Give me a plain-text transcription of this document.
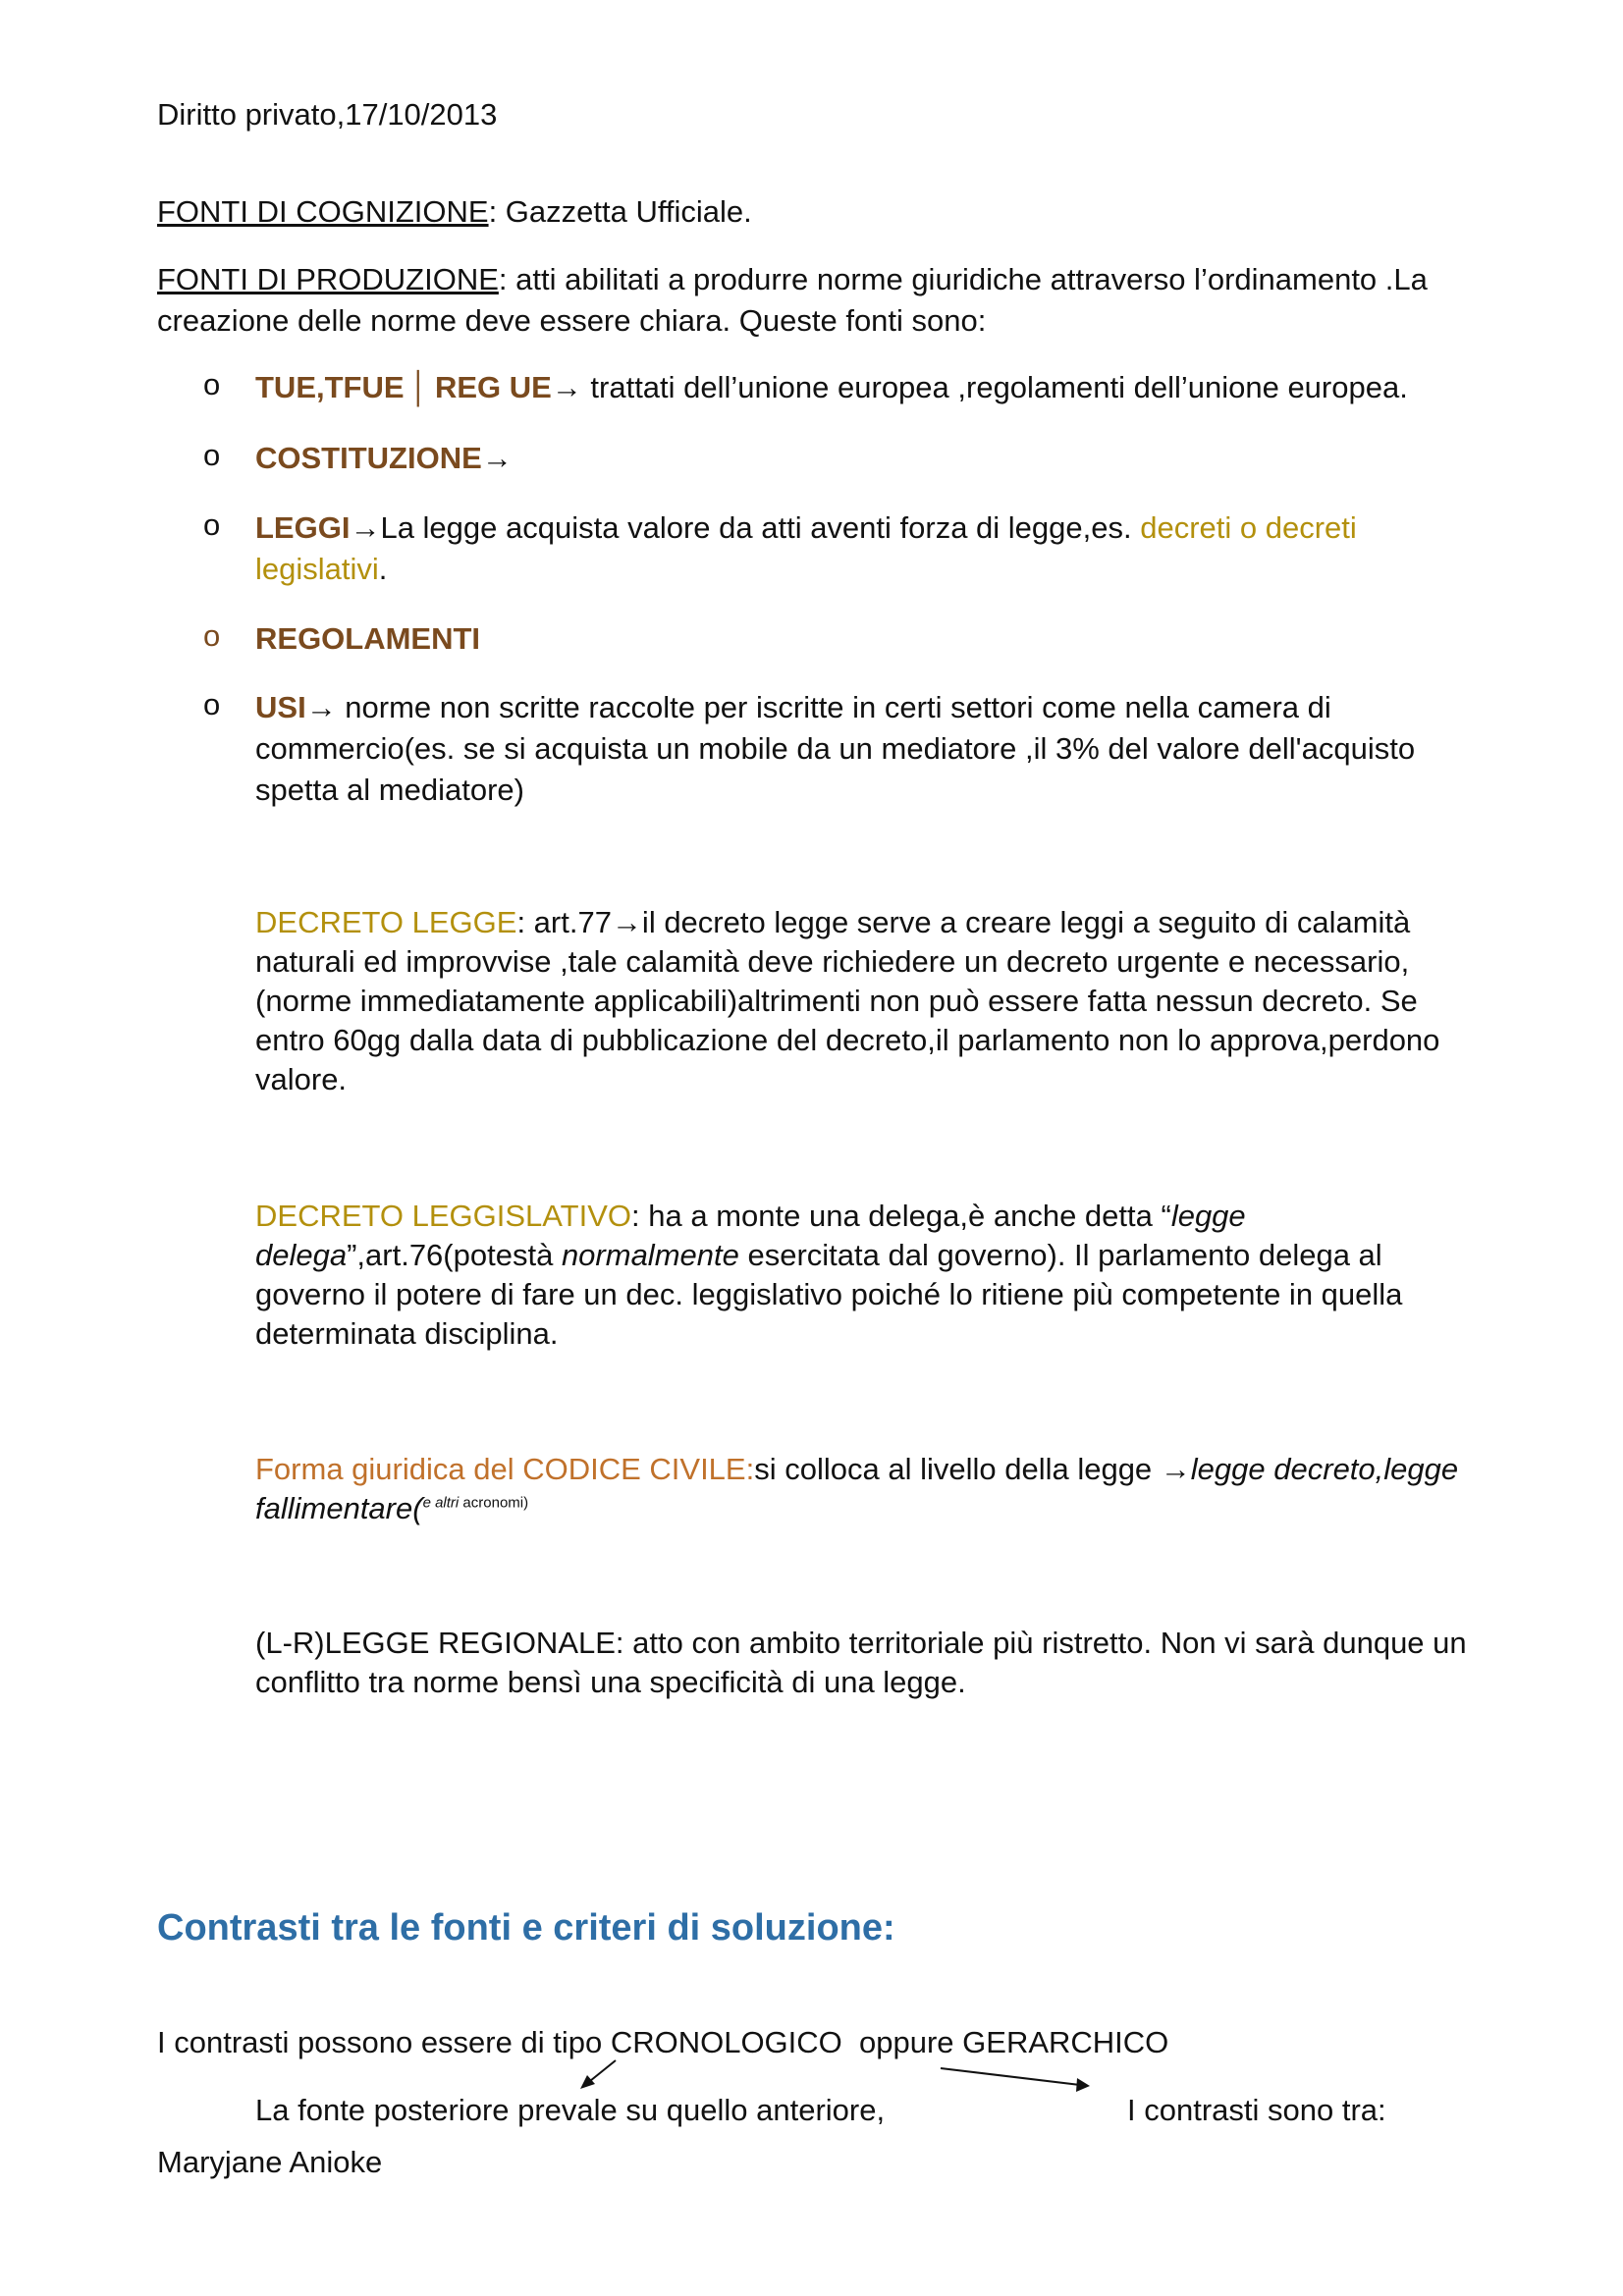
Diritto privato,17/10/2013
FONTI DI COGNIZIONE: Gazzetta Ufficiale.
FONTI DI PRODUZIONE: atti abilitati a produrre norme giuridiche attraverso l’ordinamento .La
creazione delle norme deve essere chiara. Queste fonti sono:
o TUE,TFUE │ REG UE→ trattati dell’unione europea ,regolamenti dell’unione europea.
o COSTITUZIONE→
o LEGGI→La legge acquista valore da atti aventi forza di legge,es. decreti o decreti
legislativi.
o REGOLAMENTI
o USI→ norme non scritte raccolte per iscritte in certi settori come nella camera di
commercio(es. se si acquista un mobile da un mediatore ,il 3% del valore dell'acquisto
spetta al mediatore)
DECRETO LEGGE: art.77→il decreto legge serve a creare leggi a seguito di calamità
naturali ed improvvise ,tale calamità deve richiedere un decreto urgente e necessario,
(norme immediatamente applicabili)altrimenti non può essere fatta nessun decreto. Se
entro 60gg dalla data di pubblicazione del decreto,il parlamento non lo approva,perdono
valore.
DECRETO LEGGISLATIVO: ha a monte una delega,è anche detta “legge
delega”,art.76(potestà normalmente esercitata dal governo). Il parlamento delega al
governo il potere di fare un dec. leggislativo poiché lo ritiene più competente in quella
determinata disciplina.
Forma giuridica del CODICE CIVILE:si colloca al livello della legge →legge decreto,legge
fallimentare($^{e altri acronomi)}$
(L-R)LEGGE REGIONALE: atto con ambito territoriale più ristretto. Non vi sarà dunque un
conflitto tra norme bensì una specificità di una legge.
Contrasti tra le fonti e criteri di soluzione:
I contrasti possono essere di tipo CRONOLOGICO  oppure GERARCHICO
La fonte posteriore prevale su quello anteriore,	I contrasti sono tra:
Maryjane Anioke
